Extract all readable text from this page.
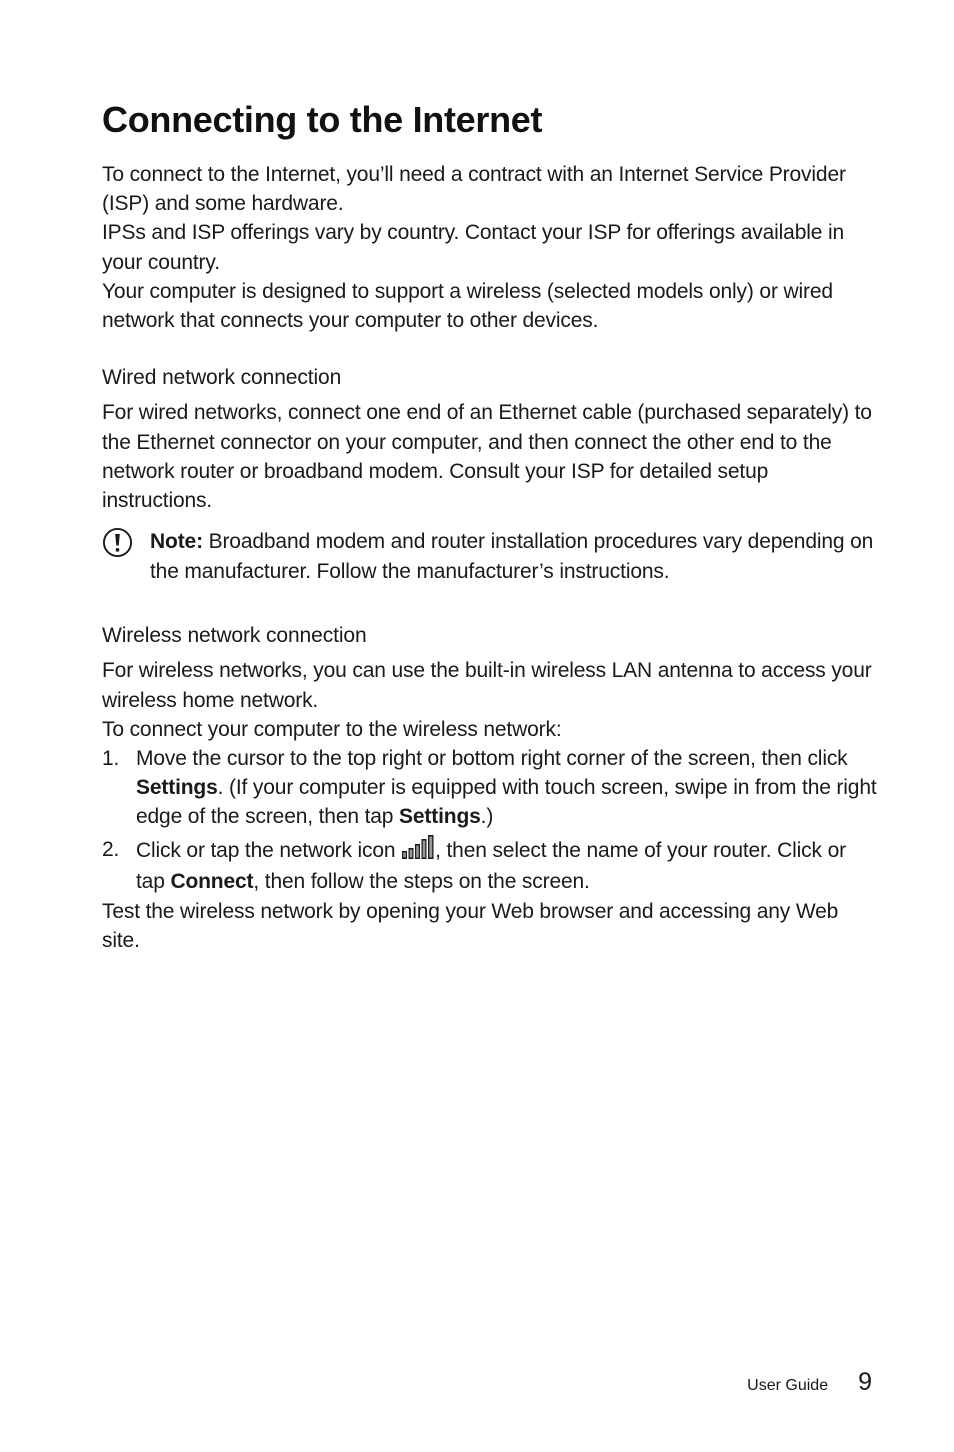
Connecting to the Internet

To connect to the Internet, you’ll need a contract with an Internet Service Provider (ISP) and some hardware.

IPSs and ISP offerings vary by country. Contact your ISP for offerings available in your country.

Your computer is designed to support a wireless (selected models only) or wired network that connects your computer to other devices.

Wired network connection

For wired networks, connect one end of an Ethernet cable (purchased separately) to the Ethernet connector on your computer, and then connect the other end to the network router or broadband modem. Consult your ISP for detailed setup instructions.

Note: Broadband modem and router installation procedures vary depending on the manufacturer. Follow the manufacturer’s instructions.

Wireless network connection

For wireless networks, you can use the built-in wireless LAN antenna to access your wireless home network.

To connect your computer to the wireless network:

1. Move the cursor to the top right or bottom right corner of the screen, then click Settings. (If your computer is equipped with touch screen, swipe in from the right edge of the screen, then tap Settings.)
2. Click or tap the network icon , then select the name of your router. Click or tap Connect, then follow the steps on the screen.

Test the wireless network by opening your Web browser and accessing any Web site.

User Guide 9
